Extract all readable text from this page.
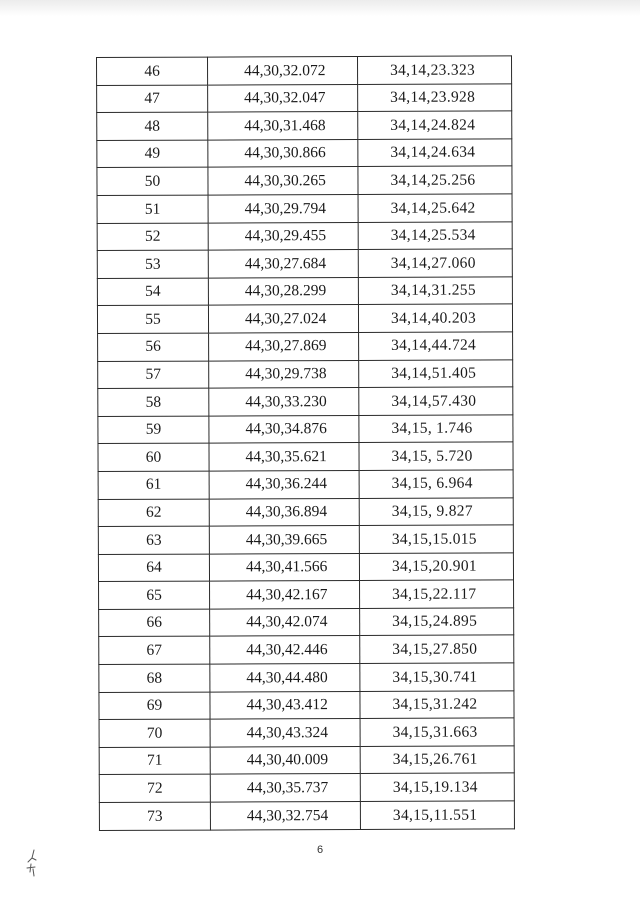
46	44,30,32.072	34,14,23.323
47	44,30,32.047	34,14,23.928
48	44,30,31.468	34,14,24.824
49	44,30,30.866	34,14,24.634
50	44,30,30.265	34,14,25.256
51	44,30,29.794	34,14,25.642
52	44,30,29.455	34,14,25.534
53	44,30,27.684	34,14,27.060
54	44,30,28.299	34,14,31.255
55	44,30,27.024	34,14,40.203
56	44,30,27.869	34,14,44.724
57	44,30,29.738	34,14,51.405
58	44,30,33.230	34,14,57.430
59	44,30,34.876	34,15, 1.746
60	44,30,35.621	34,15, 5.720
61	44,30,36.244	34,15, 6.964
62	44,30,36.894	34,15, 9.827
63	44,30,39.665	34,15,15.015
64	44,30,41.566	34,15,20.901
65	44,30,42.167	34,15,22.117
66	44,30,42.074	34,15,24.895
67	44,30,42.446	34,15,27.850
68	44,30,44.480	34,15,30.741
69	44,30,43.412	34,15,31.242
70	44,30,43.324	34,15,31.663
71	44,30,40.009	34,15,26.761
72	44,30,35.737	34,15,19.134
73	44,30,32.754	34,15,11.551
6
